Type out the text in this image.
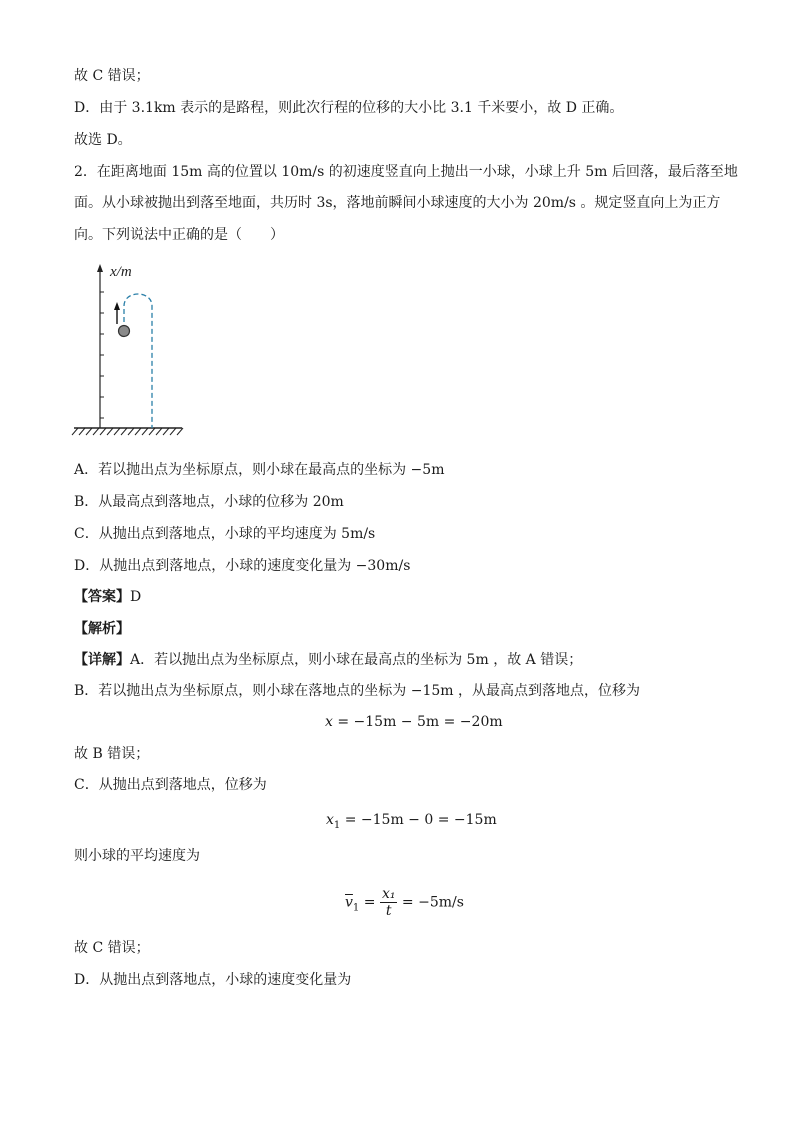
故 C 错误；
D．由于 3.1km 表示的是路程，则此次行程的位移的大小比 3.1 千米要小，故 D 正确。
故选 D。
2．在距离地面 15m 高的位置以 10m/s 的初速度竖直向上抛出一小球，小球上升 5m 后回落，最后落至地
面。从小球被抛出到落至地面，共历时 3s，落地前瞬间小球速度的大小为 20m/s 。规定竖直向上为正方
向。下列说法中正确的是（　　）
x/m
A．若以抛出点为坐标原点，则小球在最高点的坐标为 −5m
B．从最高点到落地点，小球的位移为 20m
C．从抛出点到落地点，小球的平均速度为 5m/s
D．从抛出点到落地点，小球的速度变化量为 −30m/s
【答案】D
【解析】
【详解】A．若以抛出点为坐标原点，则小球在最高点的坐标为 5m ，故 A 错误；
B．若以抛出点为坐标原点，则小球在落地点的坐标为 −15m ，从最高点到落地点，位移为
x = −15m − 5m = −20m
故 B 错误；
C．从抛出点到落地点，位移为
$x_1 = -15m - 0 = -15m$
则小球的平均速度为
$\overline{v}_1 = \frac{\text{x₁}}{t} = -5m/s$
故 C 错误；
D．从抛出点到落地点，小球的速度变化量为
